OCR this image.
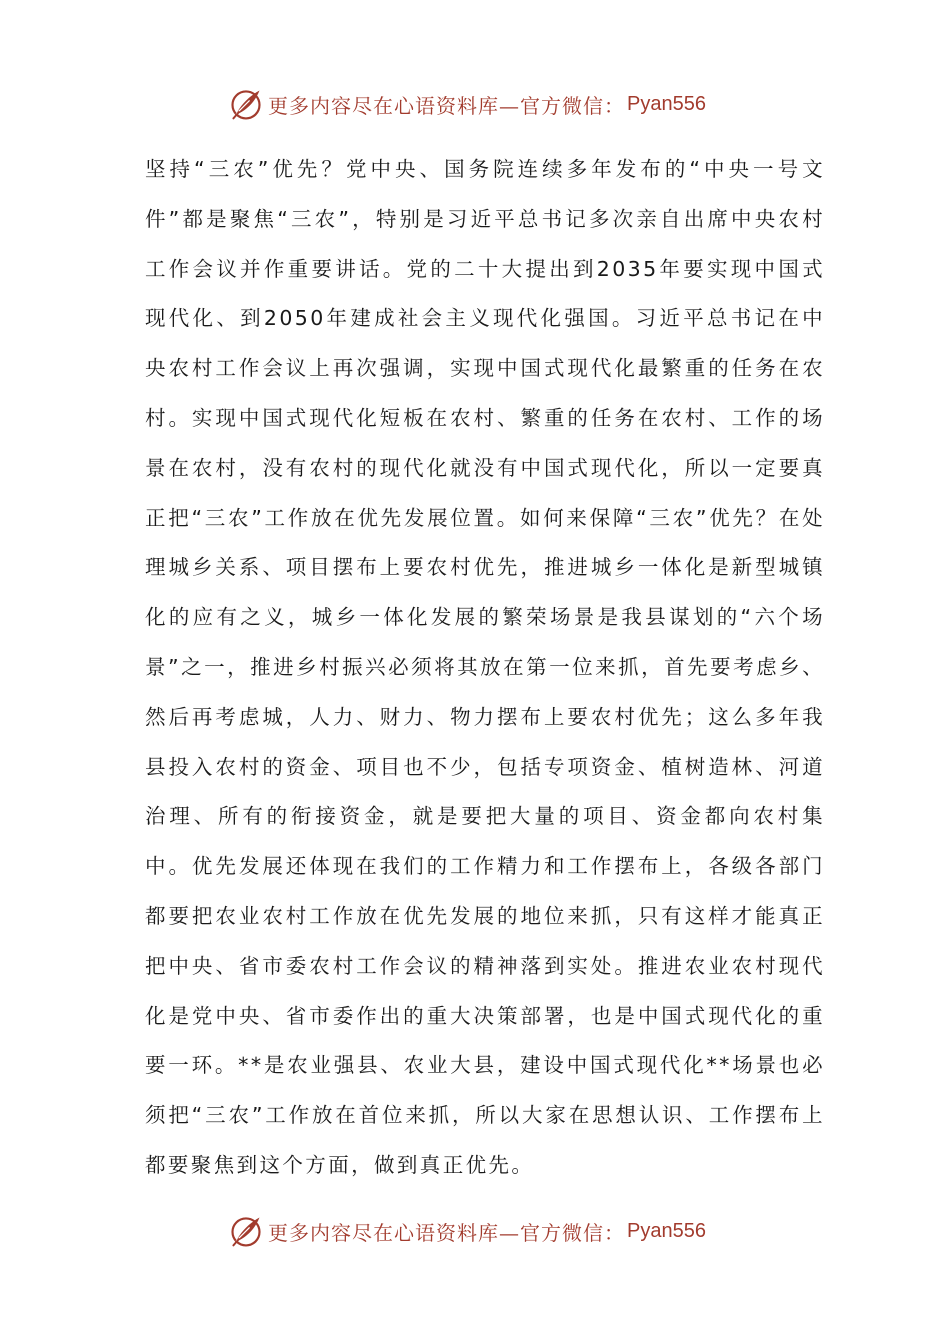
更多内容尽在心语资料库—官方微信： Pyan556

坚持“三农”优先？党中央、国务院连续多年发布的“中央一号文件”都是聚焦“三农”，特别是习近平总书记多次亲自出席中央农村工作会议并作重要讲话。党的二十大提出到2035年要实现中国式现代化、到2050年建成社会主义现代化强国。习近平总书记在中央农村工作会议上再次强调，实现中国式现代化最繁重的任务在农村。实现中国式现代化短板在农村、繁重的任务在农村、工作的场景在农村，没有农村的现代化就没有中国式现代化，所以一定要真正把“三农”工作放在优先发展位置。如何来保障“三农”优先？在处理城乡关系、项目摆布上要农村优先，推进城乡一体化是新型城镇化的应有之义，城乡一体化发展的繁荣场景是我县谋划的“六个场景”之一，推进乡村振兴必须将其放在第一位来抓，首先要考虑乡、然后再考虑城，人力、财力、物力摆布上要农村优先；这么多年我县投入农村的资金、项目也不少，包括专项资金、植树造林、河道治理、所有的衔接资金，就是要把大量的项目、资金都向农村集中。优先发展还体现在我们的工作精力和工作摆布上，各级各部门都要把农业农村工作放在优先发展的地位来抓，只有这样才能真正把中央、省市委农村工作会议的精神落到实处。推进农业农村现代化是党中央、省市委作出的重大决策部署，也是中国式现代化的重要一环。**是农业强县、农业大县，建设中国式现代化**场景也必须把“三农”工作放在首位来抓，所以大家在思想认识、工作摆布上都要聚焦到这个方面，做到真正优先。

更多内容尽在心语资料库—官方微信： Pyan556
